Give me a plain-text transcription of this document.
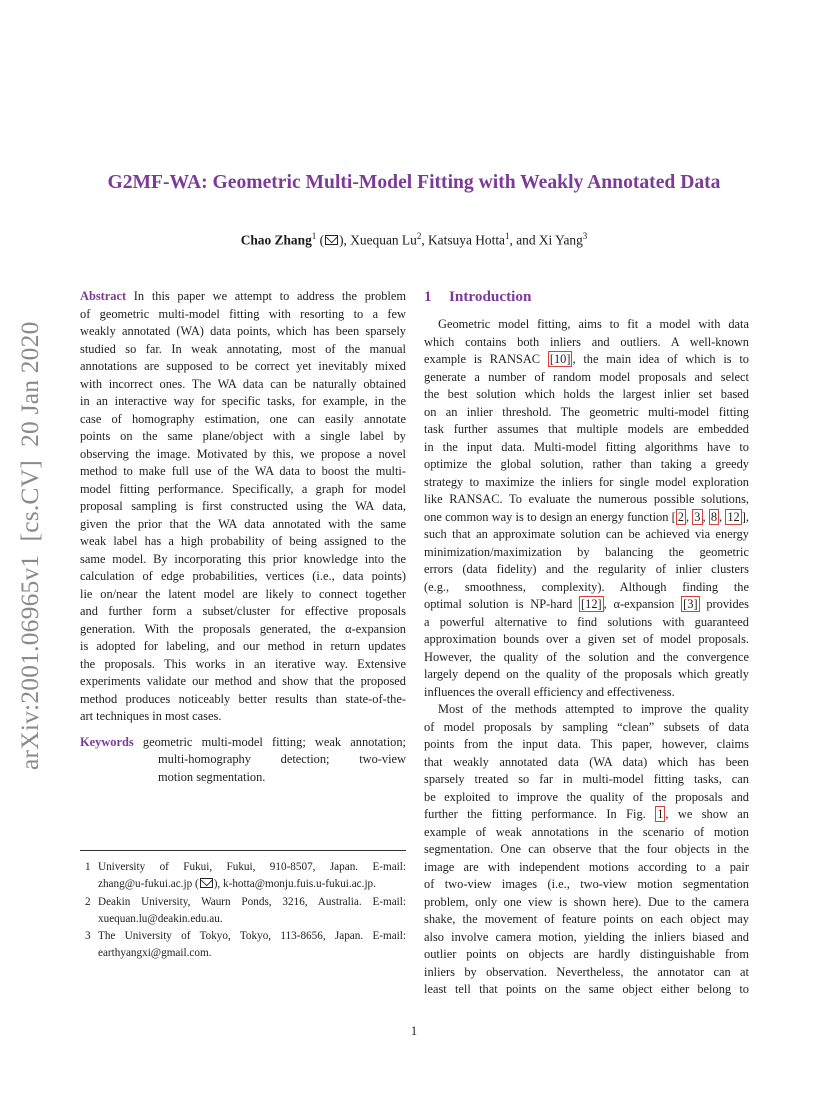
arXiv:2001.06965v1  [cs.CV]  20 Jan 2020
G2MF-WA: Geometric Multi-Model Fitting with Weakly Annotated Data
Chao Zhang$^1$ ( ), Xuequan Lu$^2$, Katsuya Hotta$^1$, and Xi Yang$^3$
Abstract In this paper we attempt to address the problem
of geometric multi-model fitting with resorting to a few
weakly annotated (WA) data points, which has been sparsely
studied so far. In weak annotating, most of the manual
annotations are supposed to be correct yet inevitably mixed
with incorrect ones. The WA data can be naturally obtained
in an interactive way for specific tasks, for example, in the
case of homography estimation, one can easily annotate
points on the same plane/object with a single label by
observing the image. Motivated by this, we propose a novel
method to make full use of the WA data to boost the multi-
model fitting performance. Specifically, a graph for model
proposal sampling is first constructed using the WA data,
given the prior that the WA data annotated with the same
weak label has a high probability of being assigned to the
same model. By incorporating this prior knowledge into the
calculation of edge probabilities, vertices (i.e., data points)
lie on/near the latent model are likely to connect together
and further form a subset/cluster for effective proposals
generation. With the proposals generated, the α-expansion
is adopted for labeling, and our method in return updates
the proposals. This works in an iterative way. Extensive
experiments validate our method and show that the proposed
method produces noticeably better results than state-of-the-
art techniques in most cases.
Keywords geometric multi-model fitting; weak annotation;
multi-homography detection; two-view
motion segmentation.
1 University of Fukui, Fukui, 910-8507, Japan. E-mail:
zhang@u-fukui.ac.jp ( ), k-hotta@monju.fuis.u-fukui.ac.jp.
2 Deakin University, Waurn Ponds, 3216, Australia. E-mail:
xuequan.lu@deakin.edu.au.
3 The University of Tokyo, Tokyo, 113-8656, Japan. E-mail:
earthyangxi@gmail.com.
1 Introduction
Geometric model fitting, aims to fit a model with data
which contains both inliers and outliers. A well-known
example is RANSAC [10] , the main idea of which is to
generate a number of random model proposals and select
the best solution which holds the largest inlier set based
on an inlier threshold. The geometric multi-model fitting
task further assumes that multiple models are embedded
in the input data. Multi-model fitting algorithms have to
optimize the global solution, rather than taking a greedy
strategy to maximize the inliers for single model exploration
like RANSAC. To evaluate the numerous possible solutions,
one common way is to design an energy function [ 2 , 3 , 8 , 12 ],
such that an approximate solution can be achieved via energy
minimization/maximization by balancing the geometric
errors (data fidelity) and the regularity of inlier clusters
(e.g., smoothness, complexity). Although finding the
optimal solution is NP-hard [12] , α-expansion [3] provides
a powerful alternative to find solutions with guaranteed
approximation bounds over a given set of model proposals.
However, the quality of the solution and the convergence
largely depend on the quality of the proposals which greatly
influences the overall efficiency and effectiveness.
Most of the methods attempted to improve the quality
of model proposals by sampling “clean” subsets of data
points from the input data. This paper, however, claims
that weakly annotated data (WA data) which has been
sparsely treated so far in multi-model fitting tasks, can
be exploited to improve the quality of the proposals and
further the fitting performance. In Fig. 1 , we show an
example of weak annotations in the scenario of motion
segmentation. One can observe that the four objects in the
image are with independent motions according to a pair
of two-view images (i.e., two-view motion segmentation
problem, only one view is shown here). Due to the camera
shake, the movement of feature points on each object may
also involve camera motion, yielding the inliers biased and
outlier points on objects are hardly distinguishable from
inliers by observation. Nevertheless, the annotator can at
least tell that points on the same object either belong to
1
